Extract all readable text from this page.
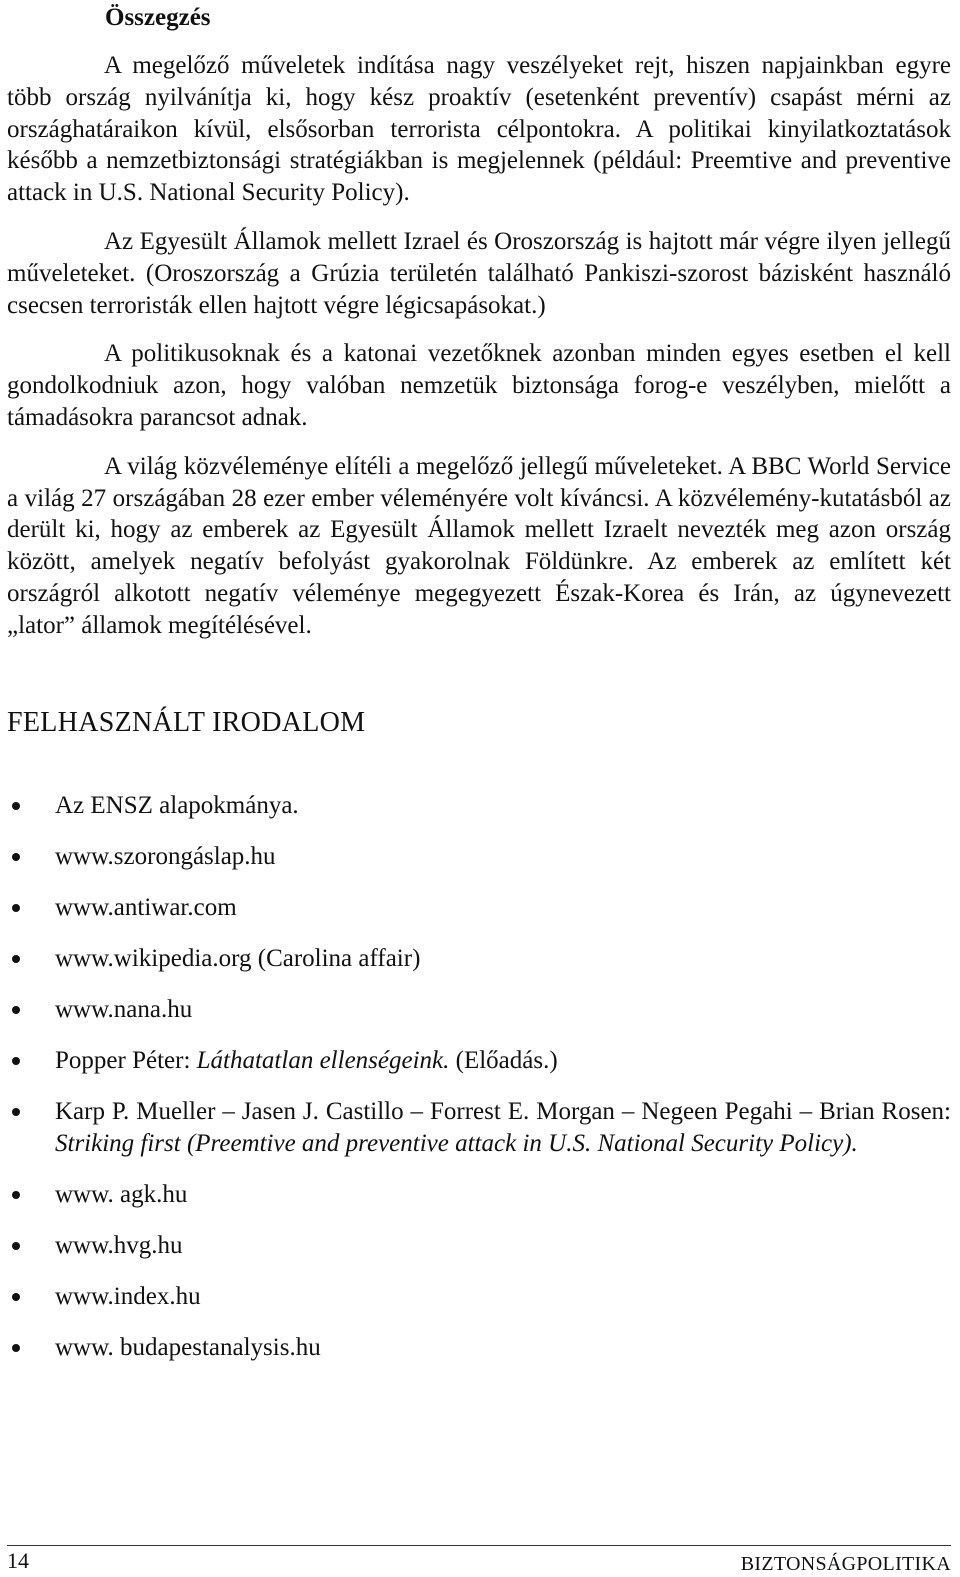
Összegzés

A megelőző műveletek indítása nagy veszélyeket rejt, hiszen napjainkban egyre több ország nyilvánítja ki, hogy kész proaktív (esetenként preventív) csapást mérni az országhatáraikon kívül, elsősorban terrorista célpontokra. A politikai kinyilatkoztatások később a nemzetbiztonsági stratégiákban is megjelennek (például: Preemtive and preventive attack in U.S. National Security Policy).

Az Egyesült Államok mellett Izrael és Oroszország is hajtott már végre ilyen jellegű műveleteket. (Oroszország a Grúzia területén található Pankiszi-szorost bázisként használó csecsen terroristák ellen hajtott végre légicsapásokat.)

A politikusoknak és a katonai vezetőknek azonban minden egyes esetben el kell gondolkodniuk azon, hogy valóban nemzetük biztonsága forog-e veszélyben, mielőtt a támadásokra parancsot adnak.

A világ közvéleménye elítéli a megelőző jellegű műveleteket. A BBC World Service a világ 27 országában 28 ezer ember véleményére volt kíváncsi. A közvélemény-kutatásból az derült ki, hogy az emberek az Egyesült Államok mellett Izraelt nevezték meg azon ország között, amelyek negatív befolyást gyakorolnak Földünkre. Az emberek az említett két országról alkotott negatív véleménye megegyezett Észak-Korea és Irán, az úgynevezett „lator” államok megítélésével.

FELHASZNÁLT IRODALOM
Az ENSZ alapokmánya.
www.szorongáslap.hu
www.antiwar.com
www.wikipedia.org (Carolina affair)
www.nana.hu
Popper Péter: Láthatatlan ellenségeink. (Előadás.)
Karp P. Mueller – Jasen J. Castillo – Forrest E. Morgan – Negeen Pegahi – Brian Rosen: Striking first (Preemtive and preventive attack in U.S. National Security Policy).
www. agk.hu
www.hvg.hu
www.index.hu
www. budapestanalysis.hu
14	BIZTONSÁGPOLITIKA
